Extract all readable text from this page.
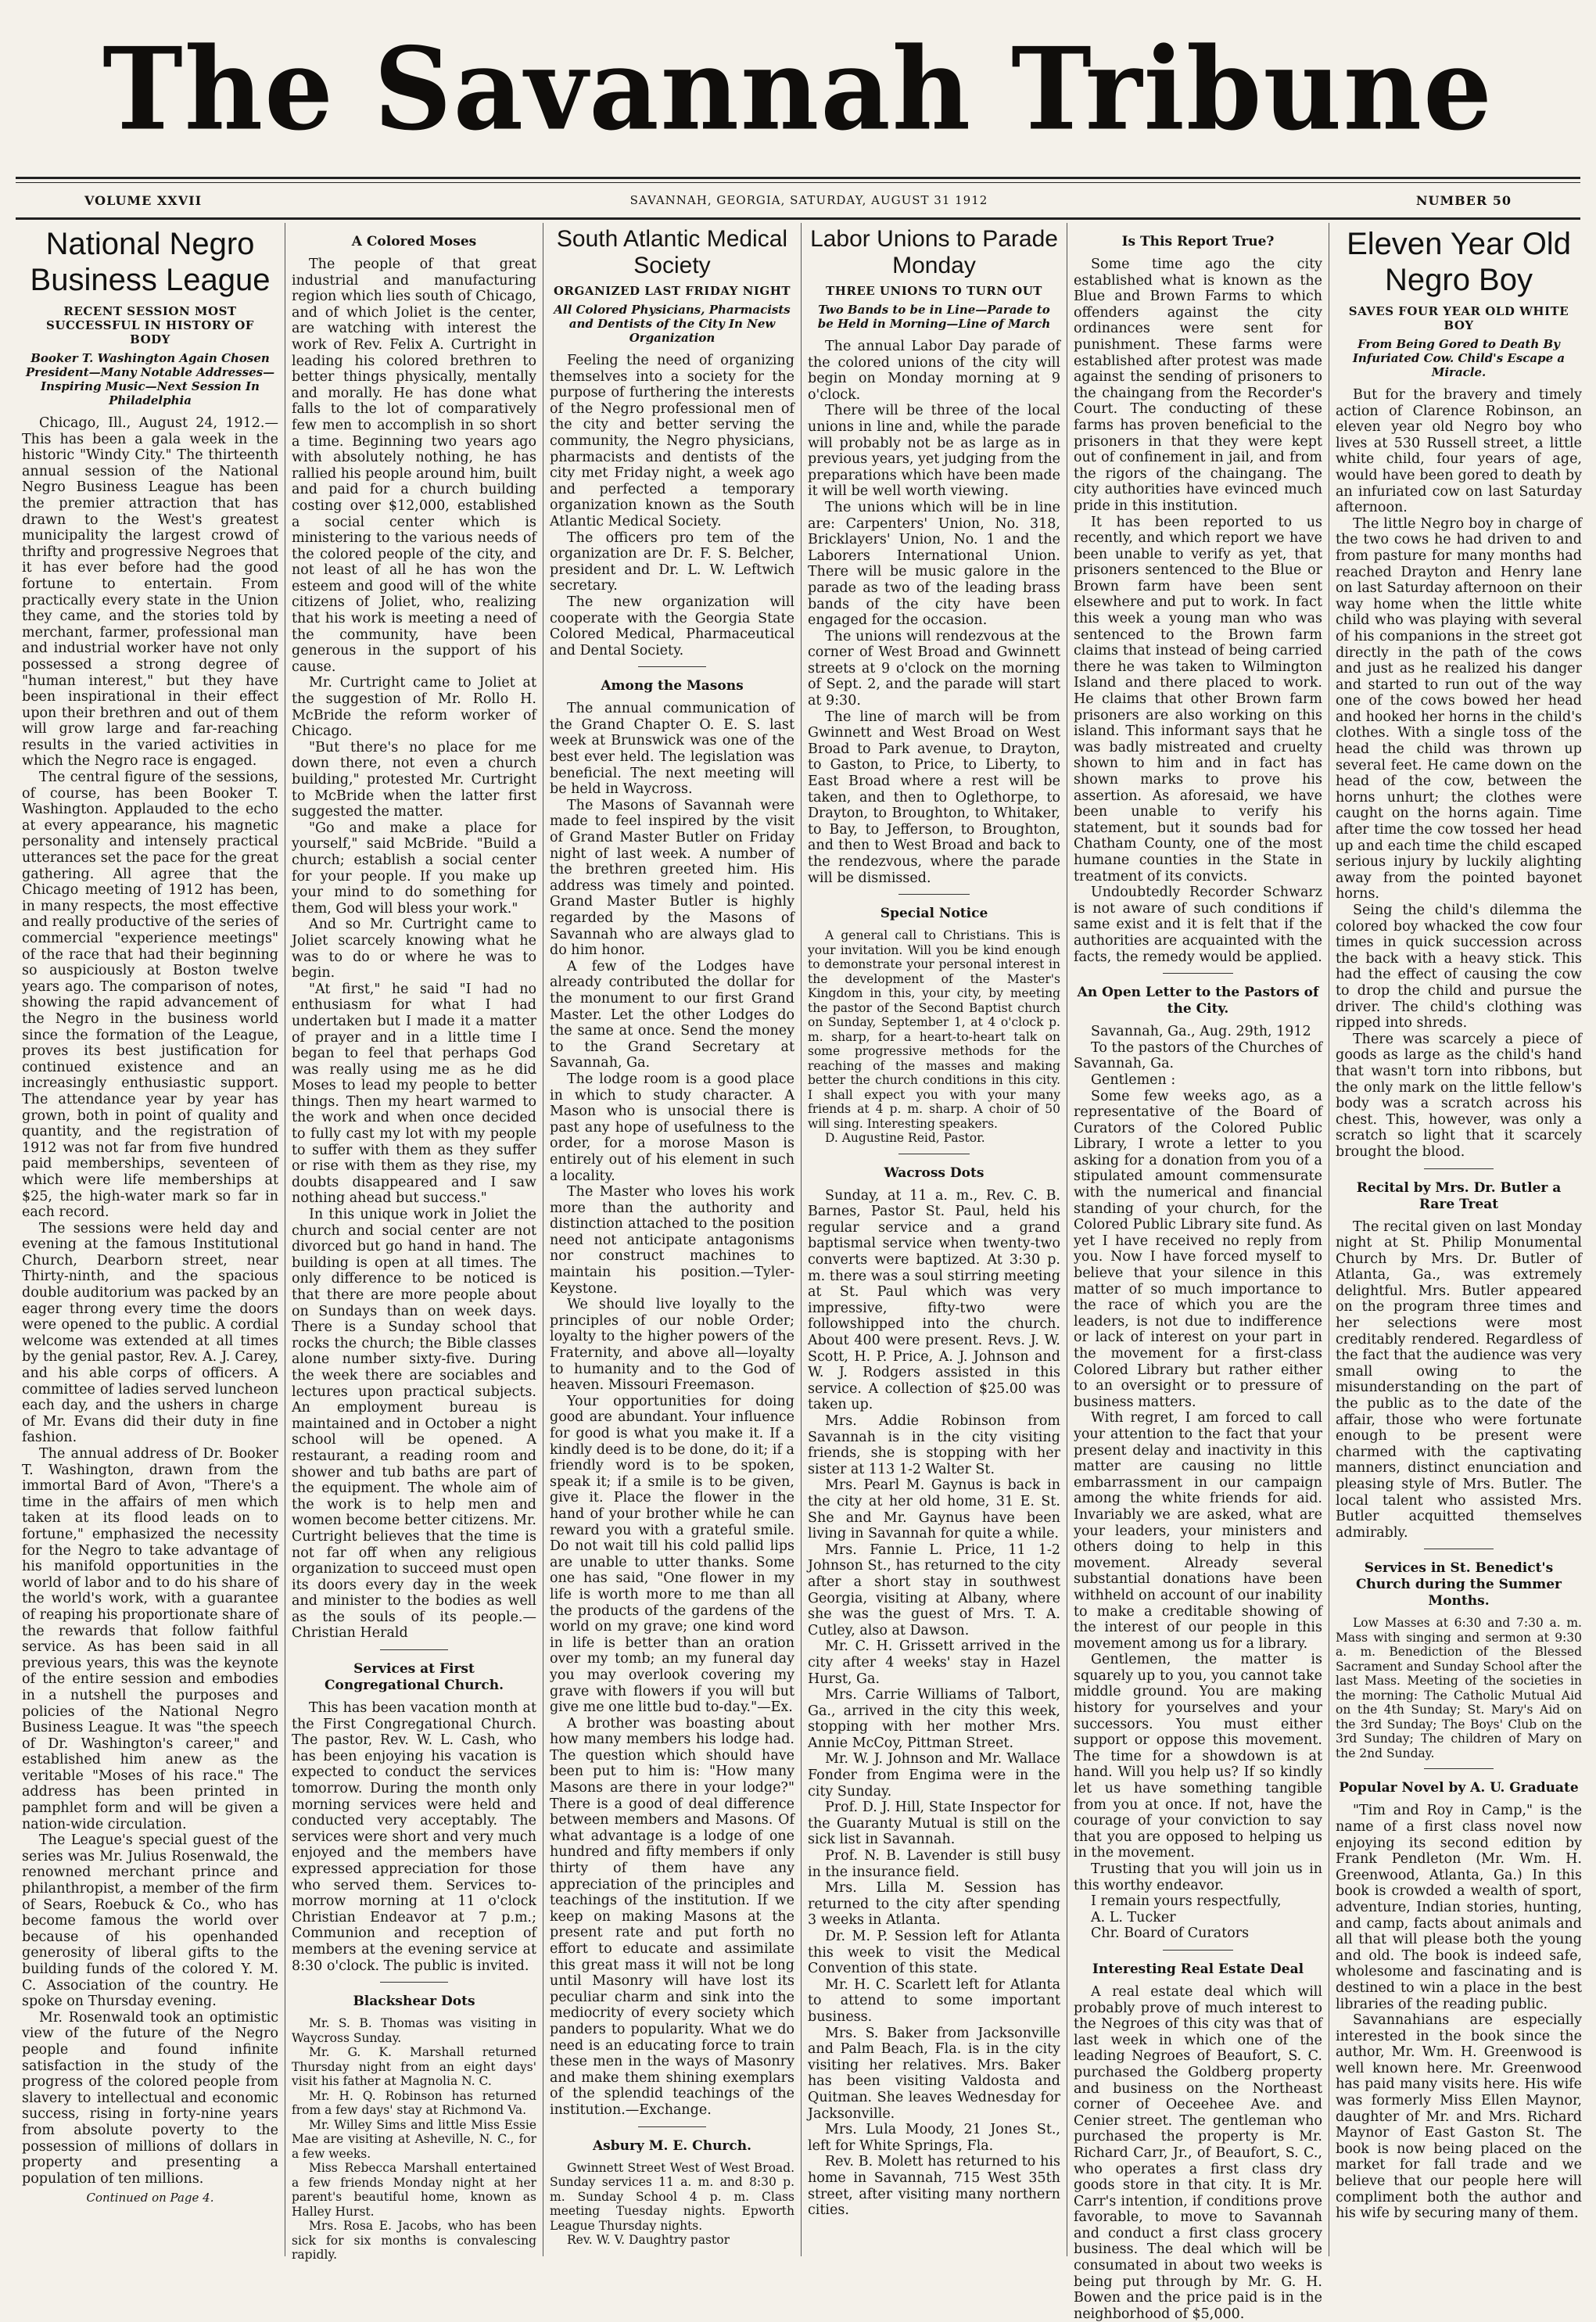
The Savannah Tribune
VOLUME XXVII	SAVANNAH, GEORGIA, SATURDAY, AUGUST 31 1912	NUMBER 50
National Negro Business League
RECENT SESSION MOST SUCCESSFUL IN HISTORY OF BODY
Booker T. Washington Again Chosen President—Many Notable Addresses—Inspiring Music—Next Session In Philadelphia

Chicago, Ill., August 24, 1912.—This has been a gala week in the historic "Windy City." The thirteenth annual session of the National Negro Business League has been the premier attraction that has drawn to the West's greatest municipality the largest crowd of thrifty and progressive Negroes that it has ever before had the good fortune to entertain. From practically every state in the Union they came, and the stories told by merchant, farmer, professional man and industrial worker have not only possessed a strong degree of "human interest," but they have been inspirational in their effect upon their brethren and out of them will grow large and far-reaching results in the varied activities in which the Negro race is engaged.

The central figure of the sessions, of course, has been Booker T. Washington. Applauded to the echo at every appearance, his magnetic personality and intensely practical utterances set the pace for the great gathering. All agree that the Chicago meeting of 1912 has been, in many respects, the most effective and really productive of the series of commercial "experience meetings" of the race that had their beginning so auspiciously at Boston twelve years ago. The comparison of notes, showing the rapid advancement of the Negro in the business world since the formation of the League, proves its best justification for continued existence and an increasingly enthusiastic support. The attendance year by year has grown, both in point of quality and quantity, and the registration of 1912 was not far from five hundred paid memberships, seventeen of which were life memberships at $25, the high-water mark so far in each record.

The sessions were held day and evening at the famous Institutional Church, Dearborn street, near Thirty-ninth, and the spacious double auditorium was packed by an eager throng every time the doors were opened to the public. A cordial welcome was extended at all times by the genial pastor, Rev. A. J. Carey, and his able corps of officers. A committee of ladies served luncheon each day, and the ushers in charge of Mr. Evans did their duty in fine fashion.

The annual address of Dr. Booker T. Washington, drawn from the immortal Bard of Avon, "There's a time in the affairs of men which taken at its flood leads on to fortune," emphasized the necessity for the Negro to take advantage of his manifold opportunities in the world of labor and to do his share of the world's work, with a guarantee of reaping his proportionate share of the rewards that follow faithful service. As has been said in all previous years, this was the keynote of the entire session and embodies in a nutshell the purposes and policies of the National Negro Business League. It was "the speech of Dr. Washington's career," and established him anew as the veritable "Moses of his race." The address has been printed in pamphlet form and will be given a nation-wide circulation.

The League's special guest of the series was Mr. Julius Rosenwald, the renowned merchant prince and philanthropist, a member of the firm of Sears, Roebuck & Co., who has become famous the world over because of his openhanded generosity of liberal gifts to the building funds of the colored Y. M. C. Association of the country. He spoke on Thursday evening.

Mr. Rosenwald took an optimistic view of the future of the Negro people and found infinite satisfaction in the study of the progress of the colored people from slavery to intellectual and economic success, rising in forty-nine years from absolute poverty to the possession of millions of dollars in property and presenting a population of ten millions.

Continued on Page 4.
A Colored Moses

The people of that great industrial and manufacturing region which lies south of Chicago, and of which Joliet is the center, are watching with interest the work of Rev. Felix A. Curtright in leading his colored brethren to better things physically, mentally and morally. He has done what falls to the lot of comparatively few men to accomplish in so short a time. Beginning two years ago with absolutely nothing, he has rallied his people around him, built and paid for a church building costing over $12,000, established a social center which is ministering to the various needs of the colored people of the city, and not least of all he has won the esteem and good will of the white citizens of Joliet, who, realizing that his work is meeting a need of the community, have been generous in the support of his cause.

Mr. Curtright came to Joliet at the suggestion of Mr. Rollo H. McBride the reform worker of Chicago.

"But there's no place for me down there, not even a church building," protested Mr. Curtright to McBride when the latter first suggested the matter.

"Go and make a place for yourself," said McBride. "Build a church; establish a social center for your people. If you make up your mind to do something for them, God will bless your work."

And so Mr. Curtright came to Joliet scarcely knowing what he was to do or where he was to begin.

"At first," he said "I had no enthusiasm for what I had undertaken but I made it a matter of prayer and in a little time I began to feel that perhaps God was really using me as he did Moses to lead my people to better things. Then my heart warmed to the work and when once decided to fully cast my lot with my people to suffer with them as they suffer or rise with them as they rise, my doubts disappeared and I saw nothing ahead but success."

In this unique work in Joliet the church and social center are not divorced but go hand in hand. The building is open at all times. The only difference to be noticed is that there are more people about on Sundays than on week days. There is a Sunday school that rocks the church; the Bible classes alone number sixty-five. During the week there are sociables and lectures upon practical subjects. An employment bureau is maintained and in October a night school will be opened. A restaurant, a reading room and shower and tub baths are part of the equipment. The whole aim of the work is to help men and women become better citizens. Mr. Curtright believes that the time is not far off when any religious organization to succeed must open its doors every day in the week and minister to the bodies as well as the souls of its people.—Christian Herald

Services at First Congregational Church.

This has been vacation month at the First Congregational Church. The pastor, Rev. W. L. Cash, who has been enjoying his vacation is expected to conduct the services tomorrow. During the month only morning services were held and conducted very acceptably. The services were short and very much enjoyed and the members have expressed appreciation for those who served them. Services to-morrow morning at 11 o'clock Christian Endeavor at 7 p.m.; Communion and reception of members at the evening service at 8:30 o'clock. The public is invited.

Blackshear Dots

Mr. S. B. Thomas was visiting in Waycross Sunday.

Mr. G. K. Marshall returned Thursday night from an eight days' visit his father at Magnolia N. C.

Mr. H. Q. Robinson has returned from a few days' stay at Richmond Va.

Mr. Willey Sims and little Miss Essie Mae are visiting at Asheville, N. C., for a few weeks.

Miss Rebecca Marshall entertained a few friends Monday night at her parent's beautiful home, known as Halley Hurst.

Mrs. Rosa E. Jacobs, who has been sick for six months is convalescing rapidly.

South Atlantic Medical Society
ORGANIZED LAST FRIDAY NIGHT
All Colored Physicians, Pharmacists and Dentists of the City In New Organization

Feeling the need of organizing themselves into a society for the purpose of furthering the interests of the Negro professional men of the city and better serving the community, the Negro physicians, pharmacists and dentists of the city met Friday night, a week ago and perfected a temporary organization known as the South Atlantic Medical Society.

The officers pro tem of the organization are Dr. F. S. Belcher, president and Dr. L. W. Leftwich secretary.

The new organization will cooperate with the Georgia State Colored Medical, Pharmaceutical and Dental Society.

Among the Masons

The annual communication of the Grand Chapter O. E. S. last week at Brunswick was one of the best ever held. The legislation was beneficial. The next meeting will be held in Waycross.

The Masons of Savannah were made to feel inspired by the visit of Grand Master Butler on Friday night of last week. A number of the brethren greeted him. His address was timely and pointed. Grand Master Butler is highly regarded by the Masons of Savannah who are always glad to do him honor.

A few of the Lodges have already contributed the dollar for the monument to our first Grand Master. Let the other Lodges do the same at once. Send the money to the Grand Secretary at Savannah, Ga.

The lodge room is a good place in which to study character. A Mason who is unsocial there is past any hope of usefulness to the order, for a morose Mason is entirely out of his element in such a locality.

The Master who loves his work more than the authority and distinction attached to the position need not anticipate antagonisms nor construct machines to maintain his position.—Tyler-Keystone.

We should live loyally to the principles of our noble Order; loyalty to the higher powers of the Fraternity, and above all—loyalty to humanity and to the God of heaven. Missouri Freemason.

Your opportunities for doing good are abundant. Your influence for good is what you make it. If a kindly deed is to be done, do it; if a friendly word is to be spoken, speak it; if a smile is to be given, give it. Place the flower in the hand of your brother while he can reward you with a grateful smile. Do not wait till his cold pallid lips are unable to utter thanks. Some one has said, "One flower in my life is worth more to me than all the products of the gardens of the world on my grave; one kind word in life is better than an oration over my tomb; an my funeral day you may overlook covering my grave with flowers if you will but give me one little bud to-day."—Ex.

A brother was boasting about how many members his lodge had. The question which should have been put to him is: "How many Masons are there in your lodge?" There is a good of deal difference between members and Masons. Of what advantage is a lodge of one hundred and fifty members if only thirty of them have any appreciation of the principles and teachings of the institution. If we keep on making Masons at the present rate and put forth no effort to educate and assimilate this great mass it will not be long until Masonry will have lost its peculiar charm and sink into the mediocrity of every society which panders to popularity. What we do need is an educating force to train these men in the ways of Masonry and make them shining exemplars of the splendid teachings of the institution.—Exchange.

Asbury M. E. Church.

Gwinnett Street West of West Broad. Sunday services 11 a. m. and 8:30 p. m. Sunday School 4 p. m. Class meeting Tuesday nights. Epworth League Thursday nights.

Rev. W. V. Daughtry pastor

Labor Unions to Parade Monday
THREE UNIONS TO TURN OUT
Two Bands to be in Line—Parade to be Held in Morning—Line of March

The annual Labor Day parade of the colored unions of the city will begin on Monday morning at 9 o'clock.

There will be three of the local unions in line and, while the parade will probably not be as large as in previous years, yet judging from the preparations which have been made it will be well worth viewing.

The unions which will be in line are: Carpenters' Union, No. 318, Bricklayers' Union, No. 1 and the Laborers International Union. There will be music galore in the parade as two of the leading brass bands of the city have been engaged for the occasion.

The unions will rendezvous at the corner of West Broad and Gwinnett streets at 9 o'clock on the morning of Sept. 2, and the parade will start at 9:30.

The line of march will be from Gwinnett and West Broad on West Broad to Park avenue, to Drayton, to Gaston, to Price, to Liberty, to East Broad where a rest will be taken, and then to Oglethorpe, to Drayton, to Broughton, to Whitaker, to Bay, to Jefferson, to Broughton, and then to West Broad and back to the rendezvous, where the parade will be dismissed.

Special Notice

A general call to Christians. This is your invitation. Will you be kind enough to demonstrate your personal interest in the development of the Master's Kingdom in this, your city, by meeting the pastor of the Second Baptist church on Sunday, September 1, at 4 o'clock p. m. sharp, for a heart-to-heart talk on some progressive methods for the reaching of the masses and making better the church conditions in this city. I shall expect you with your many friends at 4 p. m. sharp. A choir of 50 will sing. Interesting speakers.

D. Augustine Reid, Pastor.

Wacross Dots

Sunday, at 11 a. m., Rev. C. B. Barnes, Pastor St. Paul, held his regular service and a grand baptismal service when twenty-two converts were baptized. At 3:30 p. m. there was a soul stirring meeting at St. Paul which was very impressive, fifty-two were followshipped into the church. About 400 were present. Revs. J. W. Scott, H. P. Price, A. J. Johnson and W. J. Rodgers assisted in this service. A collection of $25.00 was taken up.

Mrs. Addie Robinson from Savannah is in the city visiting friends, she is stopping with her sister at 113 1-2 Walter St.

Mrs. Pearl M. Gaynus is back in the city at her old home, 31 E. St. She and Mr. Gaynus have been living in Savannah for quite a while.

Mrs. Fannie L. Price, 11 1-2 Johnson St., has returned to the city after a short stay in southwest Georgia, visiting at Albany, where she was the guest of Mrs. T. A. Cutley, also at Dawson.

Mr. C. H. Grissett arrived in the city after 4 weeks' stay in Hazel Hurst, Ga.

Mrs. Carrie Williams of Talbort, Ga., arrived in the city this week, stopping with her mother Mrs. Annie McCoy, Pittman Street.

Mr. W. J. Johnson and Mr. Wallace Fonder from Engima were in the city Sunday.

Prof. D. J. Hill, State Inspector for the Guaranty Mutual is still on the sick list in Savannah.

Prof. N. B. Lavender is still busy in the insurance field.

Mrs. Lilla M. Session has returned to the city after spending 3 weeks in Atlanta.

Dr. M. P. Session left for Atlanta this week to visit the Medical Convention of this state.

Mr. H. C. Scarlett left for Atlanta to attend to some important business.

Mrs. S. Baker from Jacksonville and Palm Beach, Fla. is in the city visiting her relatives. Mrs. Baker has been visiting Valdosta and Quitman. She leaves Wednesday for Jacksonville.

Mrs. Lula Moody, 21 Jones St., left for White Springs, Fla.

Rev. B. Molett has returned to his home in Savannah, 715 West 35th street, after visiting many northern cities.

Is This Report True?

Some time ago the city established what is known as the Blue and Brown Farms to which offenders against the city ordinances were sent for punishment. These farms were established after protest was made against the sending of prisoners to the chaingang from the Recorder's Court. The conducting of these farms has proven beneficial to the prisoners in that they were kept out of confinement in jail, and from the rigors of the chaingang. The city authorities have evinced much pride in this institution.

It has been reported to us recently, and which report we have been unable to verify as yet, that prisoners sentenced to the Blue or Brown farm have been sent elsewhere and put to work. In fact this week a young man who was sentenced to the Brown farm claims that instead of being carried there he was taken to Wilmington Island and there placed to work. He claims that other Brown farm prisoners are also working on this island. This informant says that he was badly mistreated and cruelty shown to him and in fact has shown marks to prove his assertion. As aforesaid, we have been unable to verify his statement, but it sounds bad for Chatham County, one of the most humane counties in the State in treatment of its convicts.

Undoubtedly Recorder Schwarz is not aware of such conditions if same exist and it is felt that if the authorities are acquainted with the facts, the remedy would be applied.

An Open Letter to the Pastors of the City.

Savannah, Ga., Aug. 29th, 1912

To the pastors of the Churches of Savannah, Ga.

Gentlemen :

Some few weeks ago, as a representative of the Board of Curators of the Colored Public Library, I wrote a letter to you asking for a donation from you of a stipulated amount commensurate with the numerical and financial standing of your church, for the Colored Public Library site fund. As yet I have received no reply from you. Now I have forced myself to believe that your silence in this matter of so much importance to the race of which you are the leaders, is not due to indifference or lack of interest on your part in the movement for a first-class Colored Library but rather either to an oversight or to pressure of business matters.

With regret, I am forced to call your attention to the fact that your present delay and inactivity in this matter are causing no little embarrassment in our campaign among the white friends for aid. Invariably we are asked, what are your leaders, your ministers and others doing to help in this movement. Already several substantial donations have been withheld on account of our inability to make a creditable showing of the interest of our people in this movement among us for a library.

Gentlemen, the matter is squarely up to you, you cannot take middle ground. You are making history for yourselves and your successors. You must either support or oppose this movement. The time for a showdown is at hand. Will you help us? If so kindly let us have something tangible from you at once. If not, have the courage of your conviction to say that you are opposed to helping us in the movement.

Trusting that you will join us in this worthy endeavor.

I remain yours respectfully,

A. L. Tucker

Chr. Board of Curators

Interesting Real Estate Deal

A real estate deal which will probably prove of much interest to the Negroes of this city was that of last week in which one of the leading Negroes of Beaufort, S. C. purchased the Goldberg property and business on the Northeast corner of Oeceehee Ave. and Cenier street. The gentleman who purchased the property is Mr. Richard Carr, Jr., of Beaufort, S. C., who operates a first class dry goods store in that city. It is Mr. Carr's intention, if conditions prove favorable, to move to Savannah and conduct a first class grocery business. The deal which will be consumated in about two weeks is being put through by Mr. G. H. Bowen and the price paid is in the neighborhood of $5,000.

Eleven Year Old Negro Boy
SAVES FOUR YEAR OLD WHITE BOY
From Being Gored to Death By Infuriated Cow. Child's Escape a Miracle.

But for the bravery and timely action of Clarence Robinson, an eleven year old Negro boy who lives at 530 Russell street, a little white child, four years of age, would have been gored to death by an infuriated cow on last Saturday afternoon.

The little Negro boy in charge of the two cows he had driven to and from pasture for many months had reached Drayton and Henry lane on last Saturday afternoon on their way home when the little white child who was playing with several of his companions in the street got directly in the path of the cows and just as he realized his danger and started to run out of the way one of the cows bowed her head and hooked her horns in the child's clothes. With a single toss of the head the child was thrown up several feet. He came down on the head of the cow, between the horns unhurt; the clothes were caught on the horns again. Time after time the cow tossed her head up and each time the child escaped serious injury by luckily alighting away from the pointed bayonet horns.

Seing the child's dilemma the colored boy whacked the cow four times in quick succession across the back with a heavy stick. This had the effect of causing the cow to drop the child and pursue the driver. The child's clothing was ripped into shreds.

There was scarcely a piece of goods as large as the child's hand that wasn't torn into ribbons, but the only mark on the little fellow's body was a scratch across his chest. This, however, was only a scratch so light that it scarcely brought the blood.

Recital by Mrs. Dr. Butler a Rare Treat

The recital given on last Monday night at St. Philip Monumental Church by Mrs. Dr. Butler of Atlanta, Ga., was extremely delightful. Mrs. Butler appeared on the program three times and her selections were most creditably rendered. Regardless of the fact that the audience was very small owing to the misunderstanding on the part of the public as to the date of the affair, those who were fortunate enough to be present were charmed with the captivating manners, distinct enunciation and pleasing style of Mrs. Butler. The local talent who assisted Mrs. Butler acquitted themselves admirably.

Services in St. Benedict's Church during the Summer Months.

Low Masses at 6:30 and 7:30 a. m. Mass with singing and sermon at 9:30 a. m. Benediction of the Blessed Sacrament and Sunday School after the last Mass. Meeting of the societies in the morning: The Catholic Mutual Aid on the 4th Sunday; St. Mary's Aid on the 3rd Sunday; The Boys' Club on the 3rd Sunday; The children of Mary on the 2nd Sunday.

Popular Novel by A. U. Graduate

"Tim and Roy in Camp," is the name of a first class novel now enjoying its second edition by Frank Pendleton (Mr. Wm. H. Greenwood, Atlanta, Ga.) In this book is crowded a wealth of sport, adventure, Indian stories, hunting, and camp, facts about animals and all that will please both the young and old. The book is indeed safe, wholesome and fascinating and is destined to win a place in the best libraries of the reading public.

Savannahians are especially interested in the book since the author, Mr. Wm. H. Greenwood is well known here. Mr. Greenwood has paid many visits here. His wife was formerly Miss Ellen Maynor, daughter of Mr. and Mrs. Richard Maynor of East Gaston St. The book is now being placed on the market for fall trade and we believe that our people here will compliment both the author and his wife by securing many of them.
